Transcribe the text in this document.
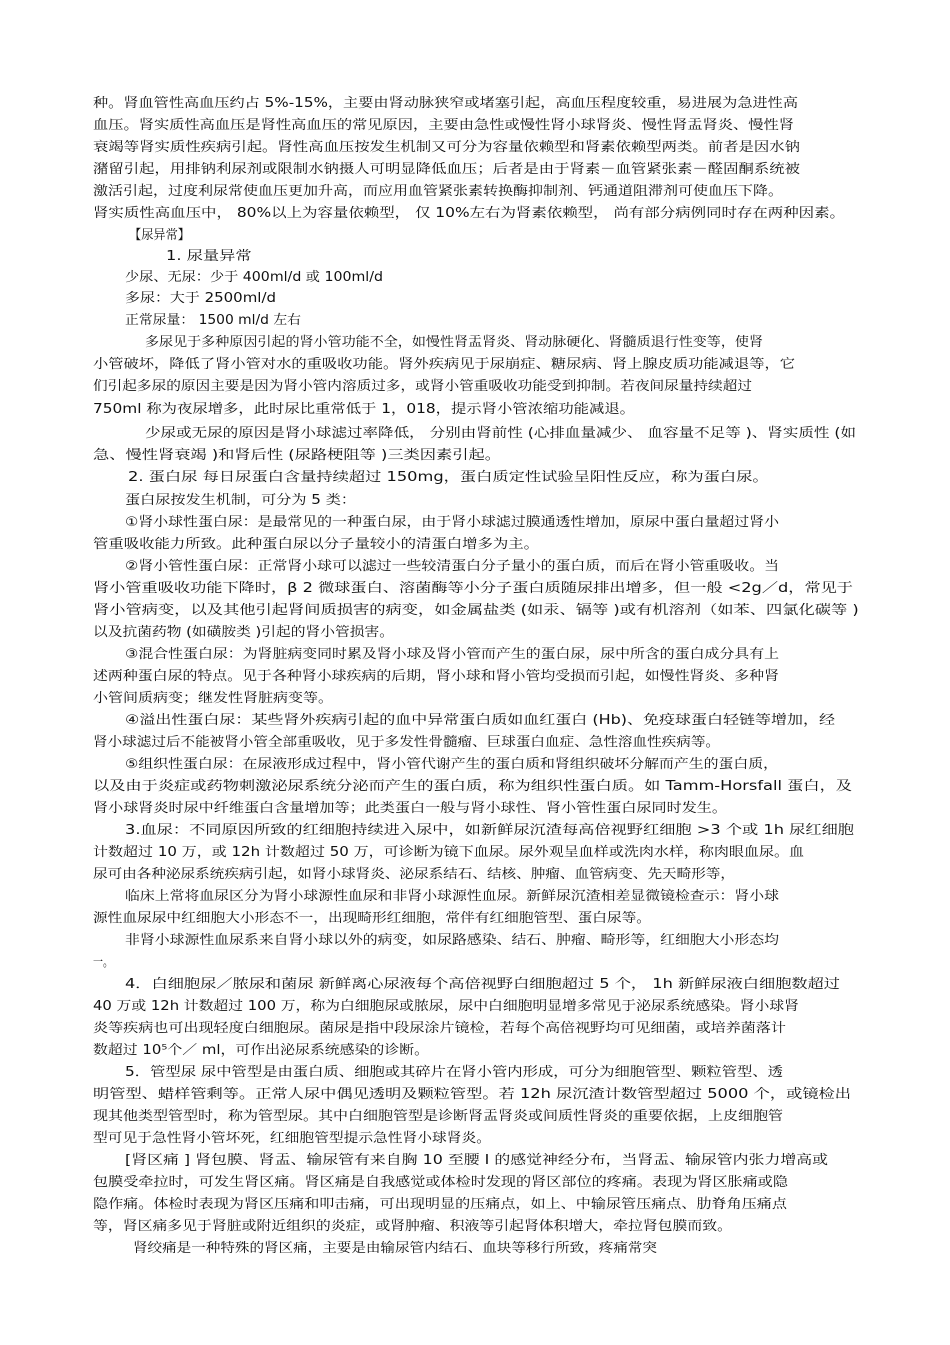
种。肾血管性高血压约占 5%-15%，主要由肾动脉狭窄或堵塞引起，高血压程度较重，易进展为急进性高
血压。肾实质性高血压是肾性高血压的常见原因，主要由急性或慢性肾小球肾炎、慢性肾盂肾炎、慢性肾
衰竭等肾实质性疾病引起。肾性高血压按发生机制又可分为容量依赖型和肾素依赖型两类。前者是因水钠
潴留引起，用排钠利尿剂或限制水钠摄人可明显降低血压；后者是由于肾素－血管紧张素－醛固酮系统被
激活引起，过度利尿常使血压更加升高，而应用血管紧张素转换酶抑制剂、钙通道阻滞剂可使血压下降。
肾实质性高血压中， 80%以上为容量依赖型， 仅 10%左右为肾素依赖型， 尚有部分病例同时存在两种因素。
【尿异常】
1. 尿量异常
少尿、无尿：少于 400ml/d 或 100ml/d
多尿：大于 2500ml/d
正常尿量： 1500 ml/d 左右
多尿见于多种原因引起的肾小管功能不全，如慢性肾盂肾炎、肾动脉硬化、肾髓质退行性变等，使肾
小管破坏，降低了肾小管对水的重吸收功能。肾外疾病见于尿崩症、糖尿病、肾上腺皮质功能减退等，它
们引起多尿的原因主要是因为肾小管内溶质过多，或肾小管重吸收功能受到抑制。若夜间尿量持续超过
750ml 称为夜尿增多，此时尿比重常低于 1，018，提示肾小管浓缩功能减退。
少尿或无尿的原因是肾小球滤过率降低， 分别由肾前性 (心排血量减少、 血容量不足等 )、肾实质性 (如
急、慢性肾衰竭 )和肾后性 (尿路梗阻等 )三类因素引起。
2. 蛋白尿 每日尿蛋白含量持续超过 150mg，蛋白质定性试验呈阳性反应，称为蛋白尿。
蛋白尿按发生机制，可分为 5 类：
①肾小球性蛋白尿：是最常见的一种蛋白尿，由于肾小球滤过膜通透性增加，原尿中蛋白量超过肾小
管重吸收能力所致。此种蛋白尿以分子量较小的清蛋白增多为主。
②肾小管性蛋白尿：正常肾小球可以滤过一些较清蛋白分子量小的蛋白质，而后在肾小管重吸收。当
肾小管重吸收功能下降时，β 2 微球蛋白、溶菌酶等小分子蛋白质随尿排出增多，但一般 <2g／d，常见于
肾小管病变，以及其他引起肾间质损害的病变，如金属盐类 (如汞、镉等 )或有机溶剂（如苯、四氯化碳等 )
以及抗菌药物 (如磺胺类 )引起的肾小管损害。
③混合性蛋白尿：为肾脏病变同时累及肾小球及肾小管而产生的蛋白尿，尿中所含的蛋白成分具有上
述两种蛋白尿的特点。见于各种肾小球疾病的后期，肾小球和肾小管均受损而引起，如慢性肾炎、多种肾
小管间质病变；继发性肾脏病变等。
④溢出性蛋白尿：某些肾外疾病引起的血中异常蛋白质如血红蛋白 (Hb)、免疫球蛋白轻链等增加，经
肾小球滤过后不能被肾小管全部重吸收，见于多发性骨髓瘤、巨球蛋白血症、急性溶血性疾病等。
⑤组织性蛋白尿：在尿液形成过程中，肾小管代谢产生的蛋白质和肾组织破坏分解而产生的蛋白质，
以及由于炎症或药物刺激泌尿系统分泌而产生的蛋白质，称为组织性蛋白质。如 Tamm-Horsfall 蛋白，及
肾小球肾炎时尿中纤维蛋白含量增加等；此类蛋白一般与肾小球性、肾小管性蛋白尿同时发生。
3.血尿：不同原因所致的红细胞持续进入尿中，如新鲜尿沉渣每高倍视野红细胞 >3 个或 1h 尿红细胞
计数超过 10 万，或 12h 计数超过 50 万，可诊断为镜下血尿。尿外观呈血样或洗肉水样，称肉眼血尿。血
尿可由各种泌尿系统疾病引起，如肾小球肾炎、泌尿系结石、结核、肿瘤、血管病变、先天畸形等，
临床上常将血尿区分为肾小球源性血尿和非肾小球源性血尿。新鲜尿沉渣相差显微镜检查示：肾小球
源性血尿尿中红细胞大小形态不一，出现畸形红细胞，常伴有红细胞管型、蛋白尿等。
非肾小球源性血尿系来自肾小球以外的病变，如尿路感染、结石、肿瘤、畸形等，红细胞大小形态均
一。
4．白细胞尿／脓尿和菌尿 新鲜离心尿液每个高倍视野白细胞超过 5 个， 1h 新鲜尿液白细胞数超过
40 万或 12h 计数超过 100 万，称为白细胞尿或脓尿，尿中白细胞明显增多常见于泌尿系统感染。肾小球肾
炎等疾病也可出现轻度白细胞尿。菌尿是指中段尿涂片镜检，若每个高倍视野均可见细菌，或培养菌落计
数超过 10⁵个／ ml，可作出泌尿系统感染的诊断。
5．管型尿 尿中管型是由蛋白质、细胞或其碎片在肾小管内形成，可分为细胞管型、颗粒管型、透
明管型、蜡样管剩等。正常人尿中偶见透明及颗粒管型。若 12h 尿沉渣计数管型超过 5000 个，或镜检出
现其他类型管型时，称为管型尿。其中白细胞管型是诊断肾盂肾炎或间质性肾炎的重要依据，上皮细胞管
型可见于急性肾小管坏死，红细胞管型提示急性肾小球肾炎。
[肾区痛 ] 肾包膜、肾盂、输尿管有来自胸 10 至腰 I 的感觉神经分布，当肾盂、输尿管内张力增高或
包膜受牵拉时，可发生肾区痛。肾区痛是自我感觉或体检时发现的肾区部位的疼痛。表现为肾区胀痛或隐
隐作痛。体检时表现为肾区压痛和叩击痛，可出现明显的压痛点，如上、中输尿管压痛点、肋脊角压痛点
等，肾区痛多见于肾脏或附近组织的炎症，或肾肿瘤、积液等引起肾体积增大，牵拉肾包膜而致。
肾绞痛是一种特殊的肾区痛，主要是由输尿管内结石、血块等移行所致，疼痛常突
